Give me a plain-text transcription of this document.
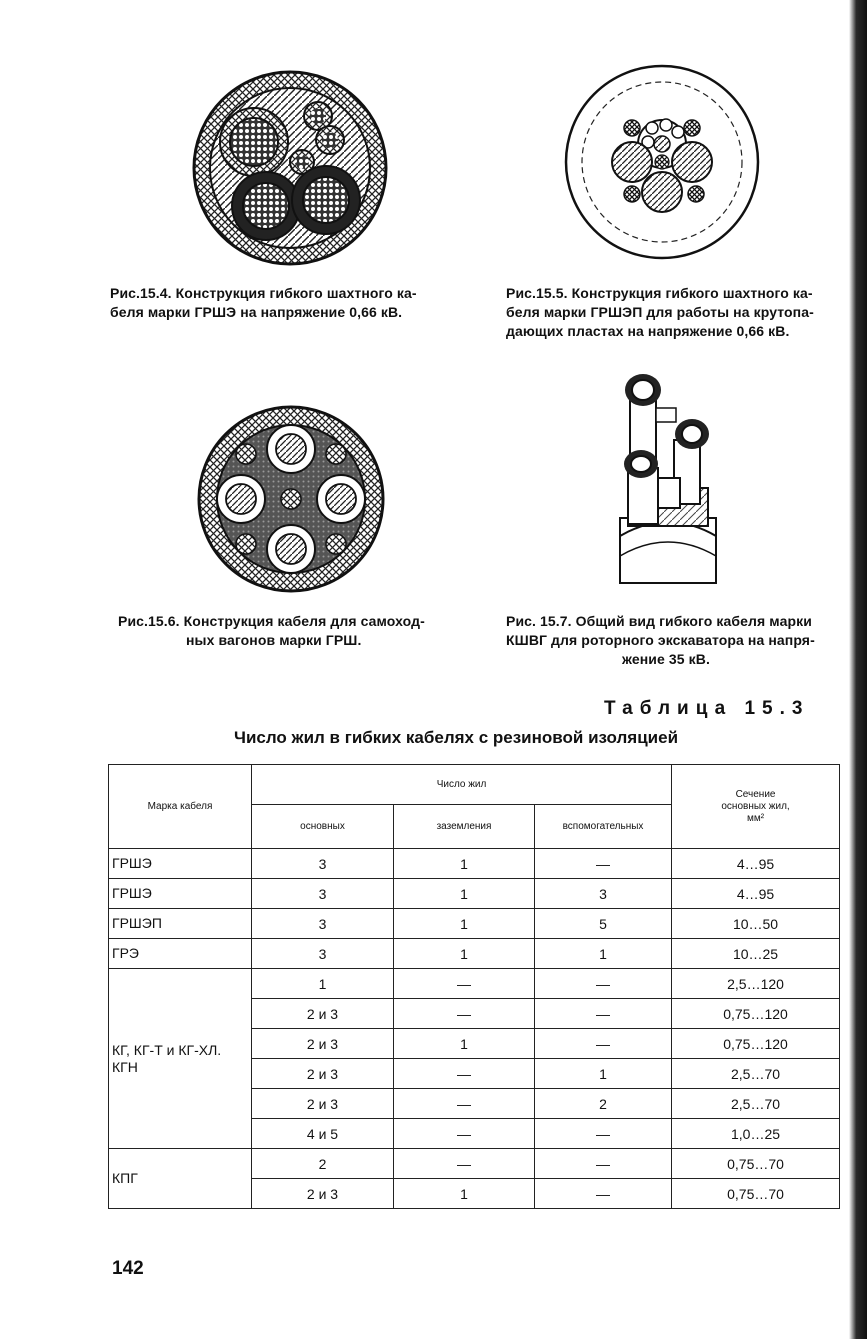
Рис.15.4. Конструкция гибкого шахтного ка-
беля марки ГРШЭ на напряжение 0,66 кВ.
Рис.15.5. Конструкция гибкого шахтного ка-
беля марки ГРШЭП для работы на крутопа-
дающих пластах на напряжение 0,66 кВ.
Рис.15.6. Конструкция кабеля для самоход-
ных вагонов марки ГРШ.
Рис. 15.7. Общий вид гибкого кабеля марки
КШВГ для роторного экскаватора на напря-
жение 35 кВ.
Таблица 15.3
Число жил в гибких кабелях с резиновой изоляцией
Марка кабеля	Число жил			Сечение
основных жил,
мм²
	основных	заземления	вспомогательных	
ГРШЭ	3	1	—	4…95
ГРШЭ	3	1	3	4…95
ГРШЭП	3	1	5	10…50
ГРЭ	3	1	1	10…25

КГ, КГ-Т и КГ-ХЛ. КГН	1	—	—	2,5…120
	2 и 3	—	—	0,75…120
	2 и 3	1	—	0,75…120
	2 и 3	—	1	2,5…70
	2 и 3	—	2	2,5…70
	4 и 5	—	—	1,0…25
КПГ	2	—	—	0,75…70
	2 и 3	1	—	0,75…70
142
